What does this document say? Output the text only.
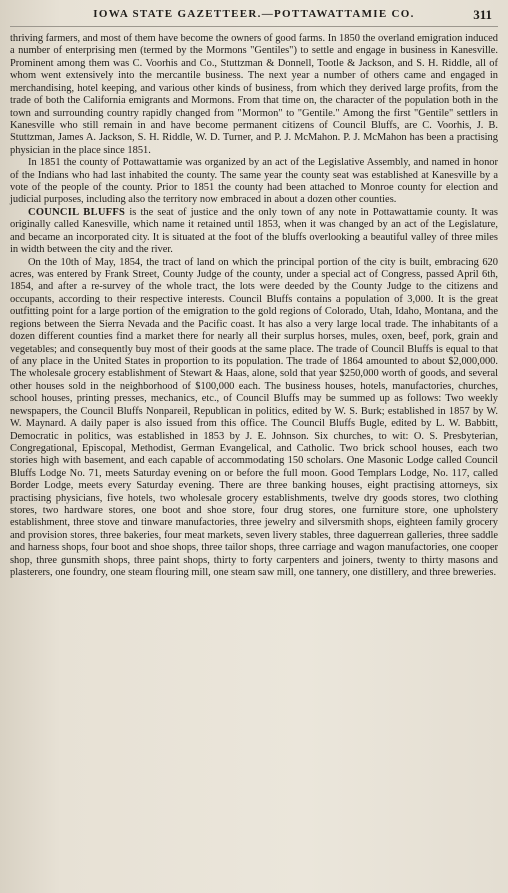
IOWA STATE GAZETTEER.—POTTAWATTAMIE CO.	311

thriving farmers, and most of them have become the owners of good farms. In 1850 the overland emigration induced a number of enterprising men (termed by the Mormons "Gentiles") to settle and engage in business in Kanesville. Prominent among them was C. Voorhis and Co., Stuttzman & Donnell, Tootle & Jackson, and S. H. Riddle, all of whom went extensively into the mercantile business. The next year a number of others came and engaged in merchandising, hotel keeping, and various other kinds of business, from which they derived large profits, from the trade of both the California emigrants and Mormons. From that time on, the character of the population both in the town and surrounding country rapidly changed from "Mormon" to "Gentile." Among the first "Gentile" settlers in Kanesville who still remain in and have become permanent citizens of Council Bluffs, are C. Voorhis, J. B. Stuttzman, James A. Jackson, S. H. Riddle, W. D. Turner, and P. J. McMahon. P. J. McMahon has been a practising physician in the place since 1851.

In 1851 the county of Pottawattamie was organized by an act of the Legislative Assembly, and named in honor of the Indians who had last inhabited the county. The same year the county seat was established at Kanesville by a vote of the people of the county. Prior to 1851 the county had been attached to Monroe county for election and judicial purposes, including also the territory now embraced in about a dozen other counties.

COUNCIL BLUFFS is the seat of justice and the only town of any note in Pottawattamie county. It was originally called Kanesville, which name it retained until 1853, when it was changed by an act of the Legislature, and became an incorporated city. It is situated at the foot of the bluffs overlooking a beautiful valley of three miles in width between the city and the river.

On the 10th of May, 1854, the tract of land on which the principal portion of the city is built, embracing 620 acres, was entered by Frank Street, County Judge of the county, under a special act of Congress, passed April 6th, 1854, and after a re-survey of the whole tract, the lots were deeded by the County Judge to the citizens and occupants, according to their respective interests. Council Bluffs contains a population of 3,000. It is the great outfitting point for a large portion of the emigration to the gold regions of Colorado, Utah, Idaho, Montana, and the regions between the Sierra Nevada and the Pacific coast. It has also a very large local trade. The inhabitants of a dozen different counties find a market there for nearly all their surplus horses, mules, oxen, beef, pork, grain and vegetables; and consequently buy most of their goods at the same place. The trade of Council Bluffs is equal to that of any place in the United States in proportion to its population. The trade of 1864 amounted to about $2,000,000. The wholesale grocery establishment of Stewart & Haas, alone, sold that year $250,000 worth of goods, and several other houses sold in the neighborhood of $100,000 each. The business houses, hotels, manufactories, churches, school houses, printing presses, mechanics, etc., of Council Bluffs may be summed up as follows: Two weekly newspapers, the Council Bluffs Nonpareil, Republican in politics, edited by W. S. Burk; established in 1857 by W. W. Maynard. A daily paper is also issued from this office. The Council Bluffs Bugle, edited by L. W. Babbitt, Democratic in politics, was established in 1853 by J. E. Johnson. Six churches, to wit: O. S. Presbyterian, Congregational, Episcopal, Methodist, German Evangelical, and Catholic. Two brick school houses, each two stories high with basement, and each capable of accommodating 150 scholars. One Masonic Lodge called Council Bluffs Lodge No. 71, meets Saturday evening on or before the full moon. Good Templars Lodge, No. 117, called Border Lodge, meets every Saturday evening. There are three banking houses, eight practising attorneys, six practising physicians, five hotels, two wholesale grocery establishments, twelve dry goods stores, two clothing stores, two hardware stores, one boot and shoe store, four drug stores, one furniture store, one upholstery establishment, three stove and tinware manufactories, three jewelry and silversmith shops, eighteen family grocery and provision stores, three bakeries, four meat markets, seven livery stables, three daguerrean galleries, three saddle and harness shops, four boot and shoe shops, three tailor shops, three carriage and wagon manufactories, one cooper shop, three gunsmith shops, three paint shops, thirty to forty carpenters and joiners, twenty to thirty masons and plasterers, one foundry, one steam flouring mill, one steam saw mill, one tannery, one distillery, and three breweries.
